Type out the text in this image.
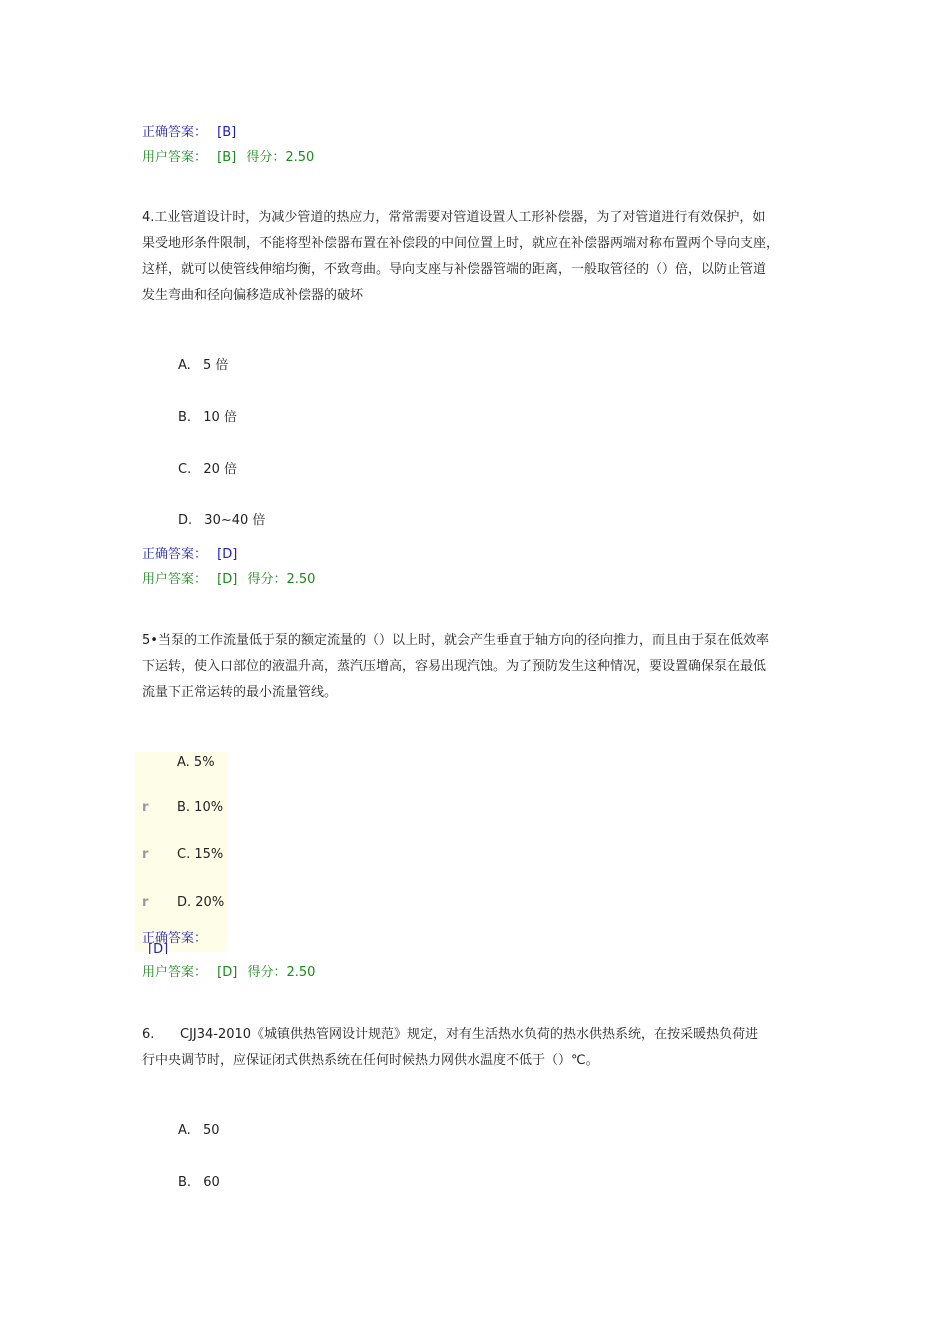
正确答案： [B]
用户答案： [B] 得分：2.50
4.工业管道设计时，为减少管道的热应力，常常需要对管道设置人工形补偿器，为了对管道进行有效保护，如
果受地形条件限制，不能将型补偿器布置在补偿段的中间位置上时，就应在补偿器两端对称布置两个导向支座，
这样，就可以使管线伸缩均衡，不致弯曲。导向支座与补偿器管端的距离，一般取管径的（）倍，以防止管道
发生弯曲和径向偏移造成补偿器的破坏
A. 5 倍
B. 10 倍
C. 20 倍
D. 30~40 倍
正确答案： [D]
用户答案： [D] 得分：2.50
5•当泵的工作流量低于泵的额定流量的（）以上时，就会产生垂直于轴方向的径向推力，而且由于泵在低效率
下运转，使入口部位的液温升高，蒸汽压增高，容易出现汽蚀。为了预防发生这种情况，要设置确保泵在最低
流量下正常运转的最小流量管线。
A. 5%
r B. 10%
r C. 15%
r D. 20%
正确答案：
[D]
用户答案： [D] 得分：2.50
6.	CJJ34-2010《城镇供热管网设计规范》规定，对有生活热水负荷的热水供热系统，在按采暖热负荷进
行中央调节时，应保证闭式供热系统在任何时候热力网供水温度不低于（）℃。
A. 50
B. 60
